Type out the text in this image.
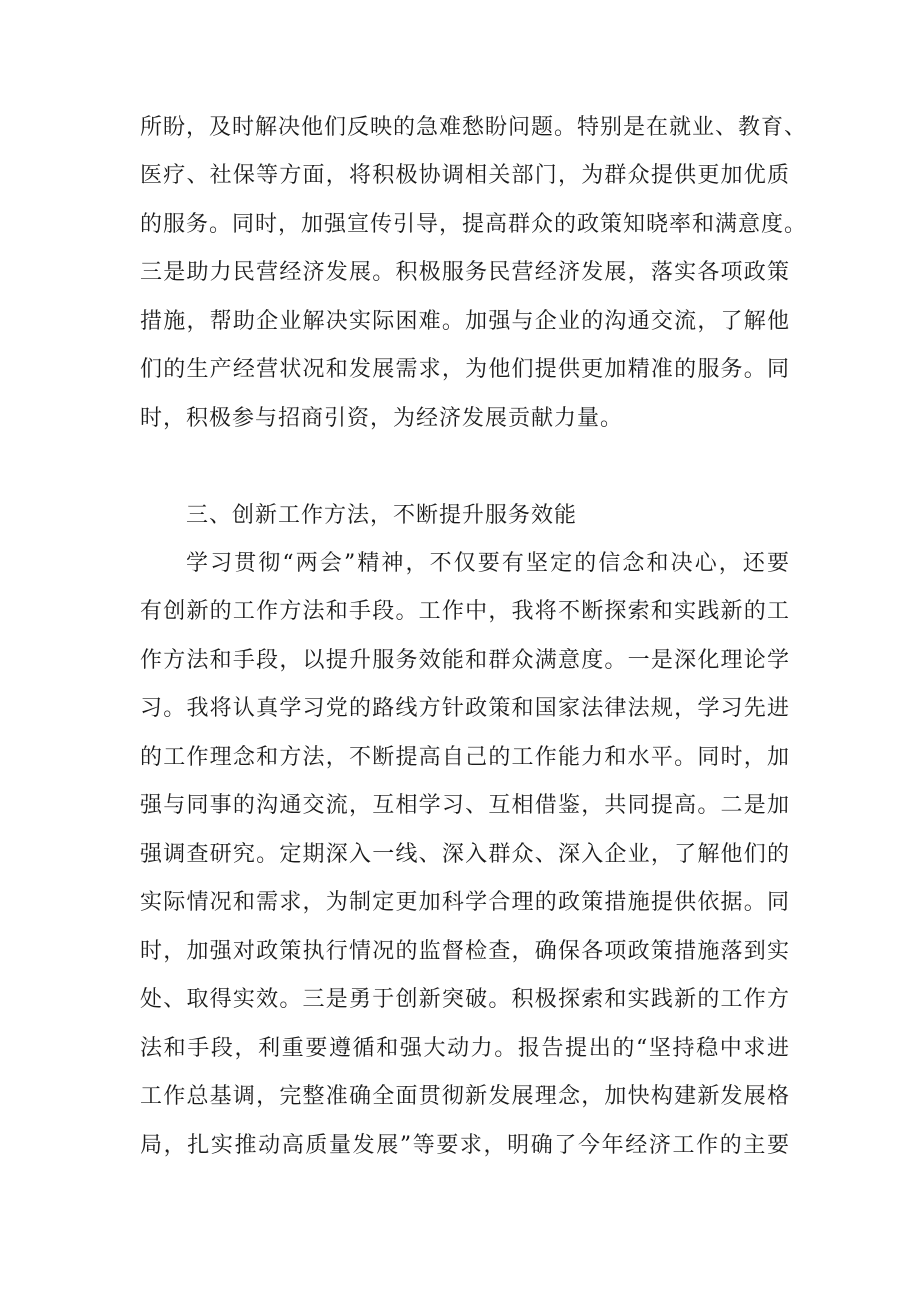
所盼，及时解决他们反映的急难愁盼问题。特别是在就业、教育、
医疗、社保等方面，将积极协调相关部门，为群众提供更加优质
的服务。同时，加强宣传引导，提高群众的政策知晓率和满意度。
三是助力民营经济发展。积极服务民营经济发展，落实各项政策
措施，帮助企业解决实际困难。加强与企业的沟通交流，了解他
们的生产经营状况和发展需求，为他们提供更加精准的服务。同
时，积极参与招商引资，为经济发展贡献力量。
三、创新工作方法，不断提升服务效能
学习贯彻“两会”精神，不仅要有坚定的信念和决心，还要
有创新的工作方法和手段。工作中，我将不断探索和实践新的工
作方法和手段，以提升服务效能和群众满意度。一是深化理论学
习。我将认真学习党的路线方针政策和国家法律法规，学习先进
的工作理念和方法，不断提高自己的工作能力和水平。同时，加
强与同事的沟通交流，互相学习、互相借鉴，共同提高。二是加
强调查研究。定期深入一线、深入群众、深入企业，了解他们的
实际情况和需求，为制定更加科学合理的政策措施提供依据。同
时，加强对政策执行情况的监督检查，确保各项政策措施落到实
处、取得实效。三是勇于创新突破。积极探索和实践新的工作方
法和手段，利重要遵循和强大动力。报告提出的“坚持稳中求进
工作总基调，完整准确全面贯彻新发展理念，加快构建新发展格
局，扎实推动高质量发展”等要求，明确了今年经济工作的主要
